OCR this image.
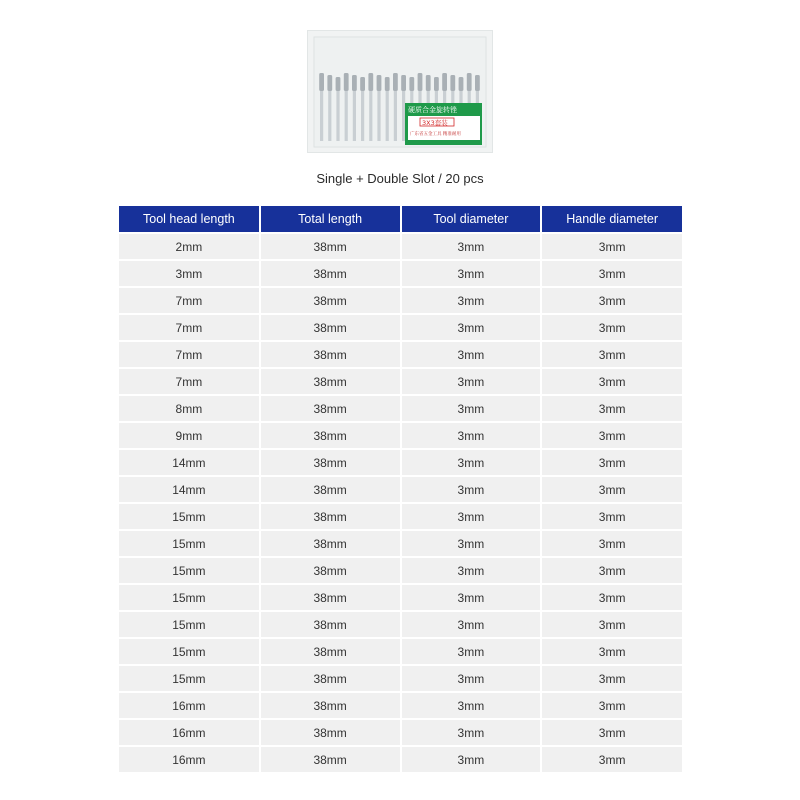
硬质合金旋转锉
3X3套装
广东省五金工具 精准耐用
Single + Double Slot / 20 pcs
Tool head length	Total length	Tool diameter	Handle diameter
2mm	38mm	3mm	3mm
3mm	38mm	3mm	3mm
7mm	38mm	3mm	3mm
7mm	38mm	3mm	3mm
7mm	38mm	3mm	3mm
7mm	38mm	3mm	3mm
8mm	38mm	3mm	3mm
9mm	38mm	3mm	3mm
14mm	38mm	3mm	3mm
14mm	38mm	3mm	3mm
15mm	38mm	3mm	3mm
15mm	38mm	3mm	3mm
15mm	38mm	3mm	3mm
15mm	38mm	3mm	3mm
15mm	38mm	3mm	3mm
15mm	38mm	3mm	3mm
15mm	38mm	3mm	3mm
16mm	38mm	3mm	3mm
16mm	38mm	3mm	3mm
16mm	38mm	3mm	3mm
